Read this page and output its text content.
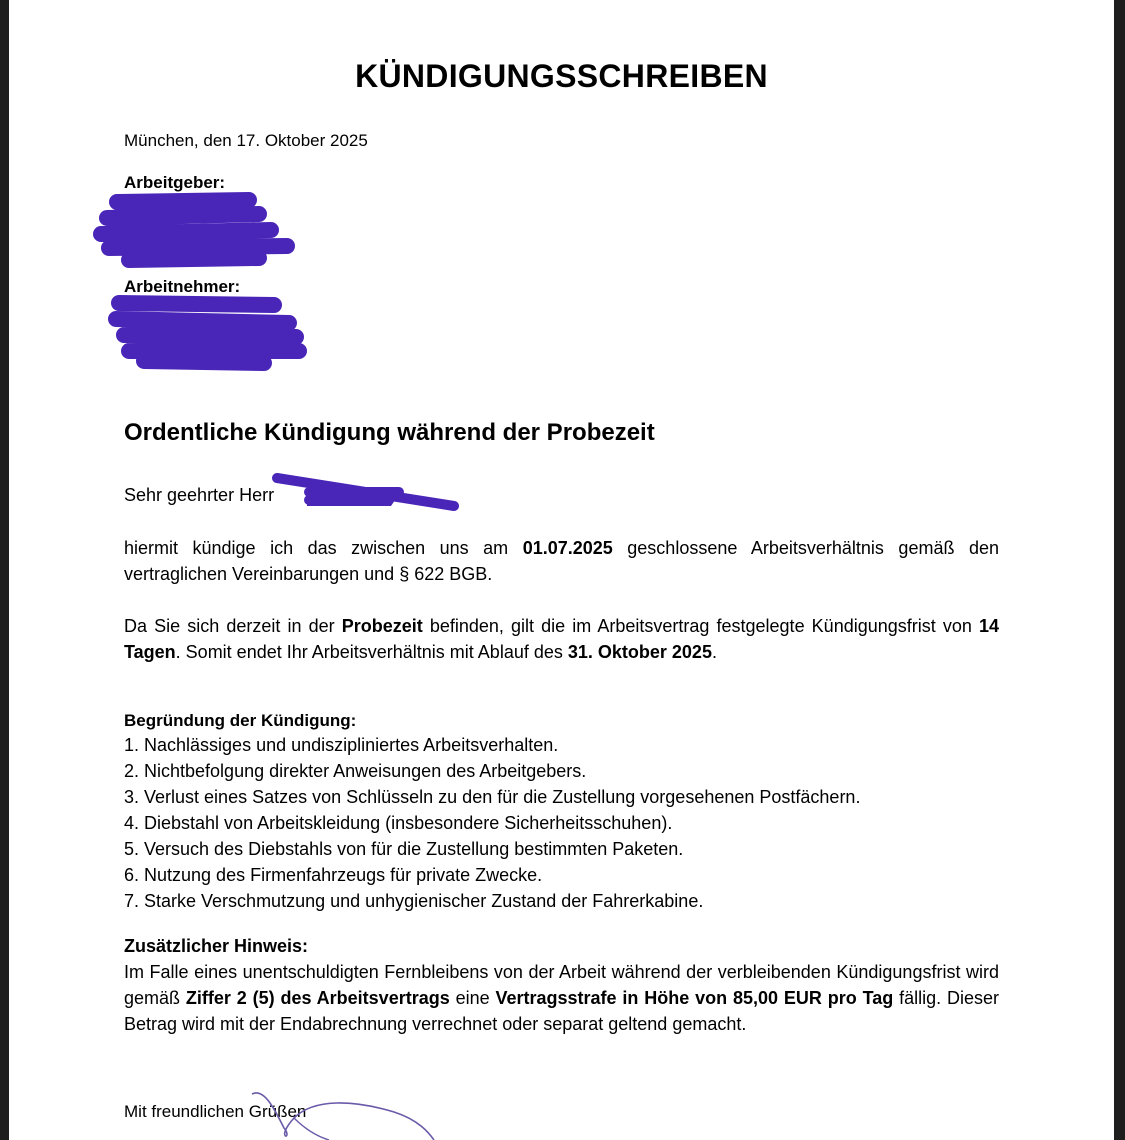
KÜNDIGUNGSSCHREIBEN
München, den 17. Oktober 2025
Arbeitgeber:
Arbeitnehmer:
Ordentliche Kündigung während der Probezeit
Sehr geehrter Herr
hiermit kündige ich das zwischen uns am 01.07.2025 geschlossene Arbeitsverhältnis gemäß den vertraglichen Vereinbarungen und § 622 BGB.
Da Sie sich derzeit in der Probezeit befinden, gilt die im Arbeitsvertrag festgelegte Kündigungsfrist von 14 Tagen. Somit endet Ihr Arbeitsverhältnis mit Ablauf des 31. Oktober 2025.
Begründung der Kündigung:
1. Nachlässiges und undiszipliniertes Arbeitsverhalten.
2. Nichtbefolgung direkter Anweisungen des Arbeitgebers.
3. Verlust eines Satzes von Schlüsseln zu den für die Zustellung vorgesehenen Postfächern.
4. Diebstahl von Arbeitskleidung (insbesondere Sicherheitsschuhen).
5. Versuch des Diebstahls von für die Zustellung bestimmten Paketen.
6. Nutzung des Firmenfahrzeugs für private Zwecke.
7. Starke Verschmutzung und unhygienischer Zustand der Fahrerkabine.
Zusätzlicher Hinweis:
Im Falle eines unentschuldigten Fernbleibens von der Arbeit während der verbleibenden Kündigungsfrist wird gemäß Ziffer 2 (5) des Arbeitsvertrags eine Vertragsstrafe in Höhe von 85,00 EUR pro Tag fällig. Dieser Betrag wird mit der Endabrechnung verrechnet oder separat geltend gemacht.
Mit freundlichen Grüßen
